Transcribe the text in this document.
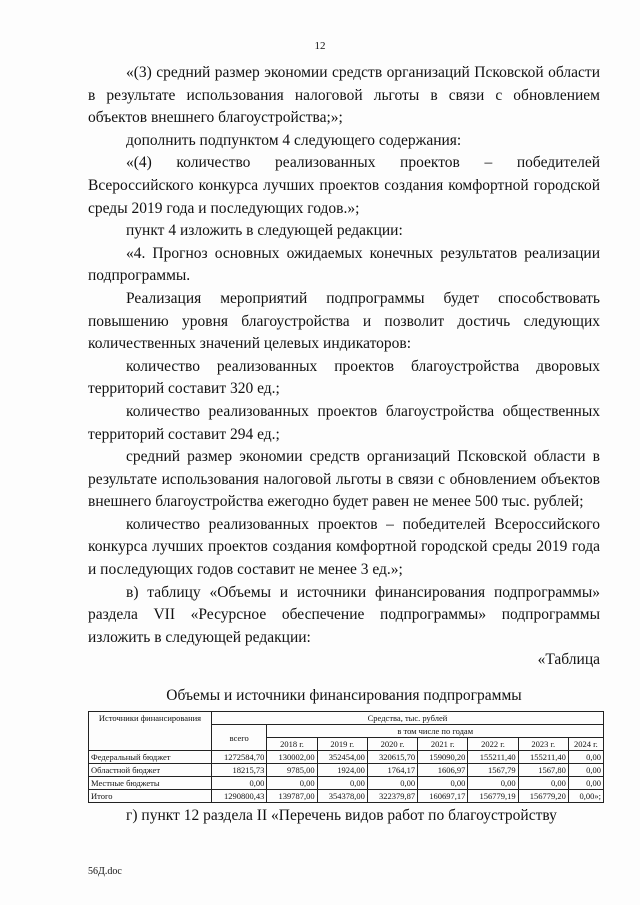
12

«(3) средний размер экономии средств организаций Псковской области в результате использования налоговой льготы в связи с обновлением объектов внешнего благоустройства;»;

дополнить подпунктом 4 следующего содержания:

«(4) количество реализованных проектов – победителей Всероссийского конкурса лучших проектов создания комфортной городской среды 2019 года и последующих годов.»;

пункт 4 изложить в следующей редакции:

«4. Прогноз основных ожидаемых конечных результатов реализации подпрограммы.

Реализация мероприятий подпрограммы будет способствовать повышению уровня благоустройства и позволит достичь следующих количественных значений целевых индикаторов:

количество реализованных проектов благоустройства дворовых территорий составит 320 ед.;

количество реализованных проектов благоустройства общественных территорий составит 294 ед.;

средний размер экономии средств организаций Псковской области в результате использования налоговой льготы в связи с обновлением объектов внешнего благоустройства ежегодно будет равен не менее 500 тыс. рублей;

количество реализованных проектов – победителей Всероссийского конкурса лучших проектов создания комфортной городской среды 2019 года и последующих годов составит не менее 3 ед.»;

в) таблицу «Объемы и источники финансирования подпрограммы» раздела VII «Ресурсное обеспечение подпрограммы» подпрограммы изложить в следующей редакции:

«Таблица

Объемы и источники финансирования подпрограммы
Источники финансирования	Средства, тыс. рублей							
	всего	в том числе по годам						
		2018 г.	2019 г.	2020 г.	2021 г.	2022 г.	2023 г.	2024 г.
Федеральный бюджет	1272584,70	130002,00	352454,00	320615,70	159090,20	155211,40	155211,40	0,00
Областной бюджет	18215,73	9785,00	1924,00	1764,17	1606,97	1567,79	1567,80	0,00
Местные бюджеты	0,00	0,00	0,00	0,00	0,00	0,00	0,00	0,00
Итого	1290800,43	139787,00	354378,00	322379,87	160697,17	156779,19	156779,20	0,00»;
г) пункт 12 раздела II «Перечень видов работ по благоустройству
56Д.doc
